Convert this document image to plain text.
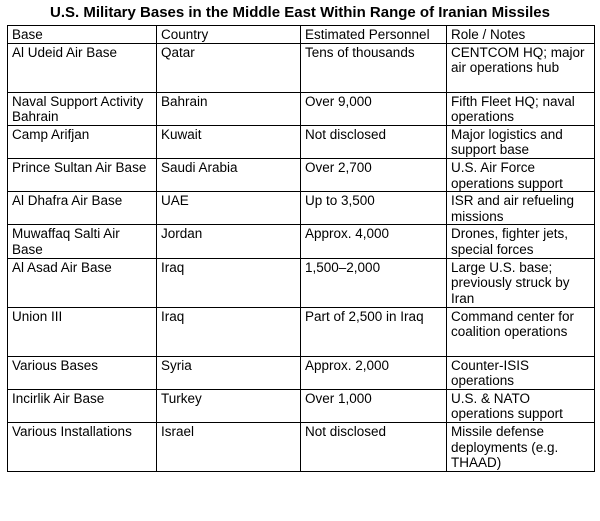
U.S. Military Bases in the Middle East Within Range of Iranian Missiles
Base	Country	Estimated Personnel	Role / Notes
Al Udeid Air Base	Qatar	Tens of thousands	CENTCOM HQ; major air operations hub
Naval Support Activity Bahrain	Bahrain	Over 9,000	Fifth Fleet HQ; naval operations
Camp Arifjan	Kuwait	Not disclosed	Major logistics and support base
Prince Sultan Air Base	Saudi Arabia	Over 2,700	U.S. Air Force operations support
Al Dhafra Air Base	UAE	Up to 3,500	ISR and air refueling missions
Muwaffaq Salti Air Base	Jordan	Approx. 4,000	Drones, fighter jets, special forces
Al Asad Air Base	Iraq	1,500–2,000	Large U.S. base; previously struck by Iran
Union III	Iraq	Part of 2,500 in Iraq	Command center for coalition operations
Various Bases	Syria	Approx. 2,000	Counter-ISIS operations
Incirlik Air Base	Turkey	Over 1,000	U.S. & NATO operations support
Various Installations	Israel	Not disclosed	Missile defense deployments (e.g. THAAD)
